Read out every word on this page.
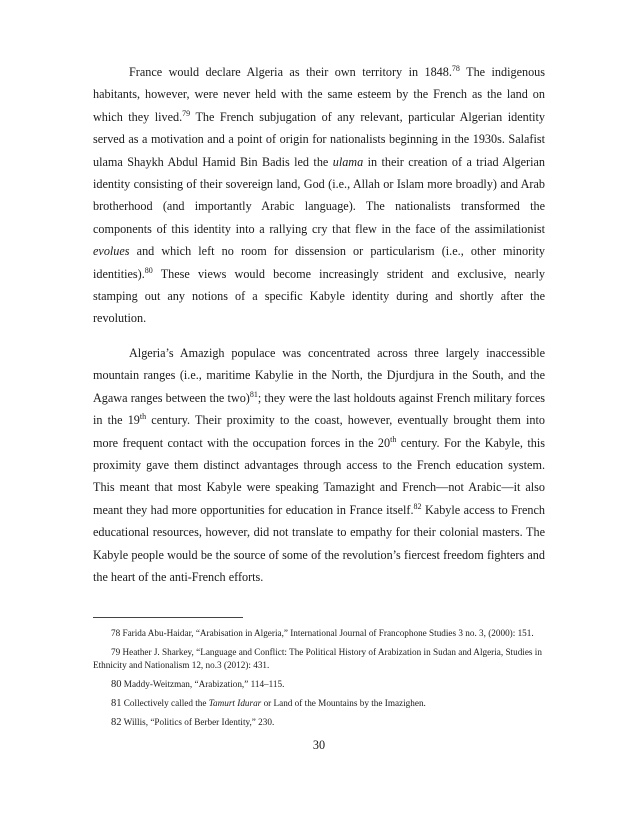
France would declare Algeria as their own territory in 1848.78 The indigenous habitants, however, were never held with the same esteem by the French as the land on which they lived.$^{79}$ The French subjugation of any relevant, particular Algerian identity served as a motivation and a point of origin for nationalists beginning in the 1930s. Salafist ulama Shaykh Abdul Hamid Bin Badis led the ulama in their creation of a triad Algerian identity consisting of their sovereign land, God (i.e., Allah or Islam more broadly) and Arab brotherhood (and importantly Arabic language). The nationalists transformed the components of this identity into a rallying cry that flew in the face of the assimilationist evolues and which left no room for dissension or particularism (i.e., other minority identities).$^{80}$ These views would become increasingly strident and exclusive, nearly stamping out any notions of a specific Kabyle identity during and shortly after the revolution.

Algeria’s Amazigh populace was concentrated across three largely inaccessible mountain ranges (i.e., maritime Kabylie in the North, the Djurdjura in the South, and the Agawa ranges between the two)$^{81}$; they were the last holdouts against French military forces in the 19th century. Their proximity to the coast, however, eventually brought them into more frequent contact with the occupation forces in the 20th century. For the Kabyle, this proximity gave them distinct advantages through access to the French education system. This meant that most Kabyle were speaking Tamazight and French—not Arabic—it also meant they had more opportunities for education in France itself.$^{82}$ Kabyle access to French educational resources, however, did not translate to empathy for their colonial masters. The Kabyle people would be the source of some of the revolution’s fiercest freedom fighters and the heart of the anti-French efforts.

78 Farida Abu-Haidar, “Arabisation in Algeria,” International Journal of Francophone Studies 3 no. 3, (2000): 151.

79 Heather J. Sharkey, “Language and Conflict: The Political History of Arabization in Sudan and Algeria, Studies in Ethnicity and Nationalism 12, no.3 (2012): 431.

80 Maddy-Weitzman, “Arabization,” 114–115.

81 Collectively called the Tamurt Idurar or Land of the Mountains by the Imazighen.

82 Willis, “Politics of Berber Identity,” 230.

30
